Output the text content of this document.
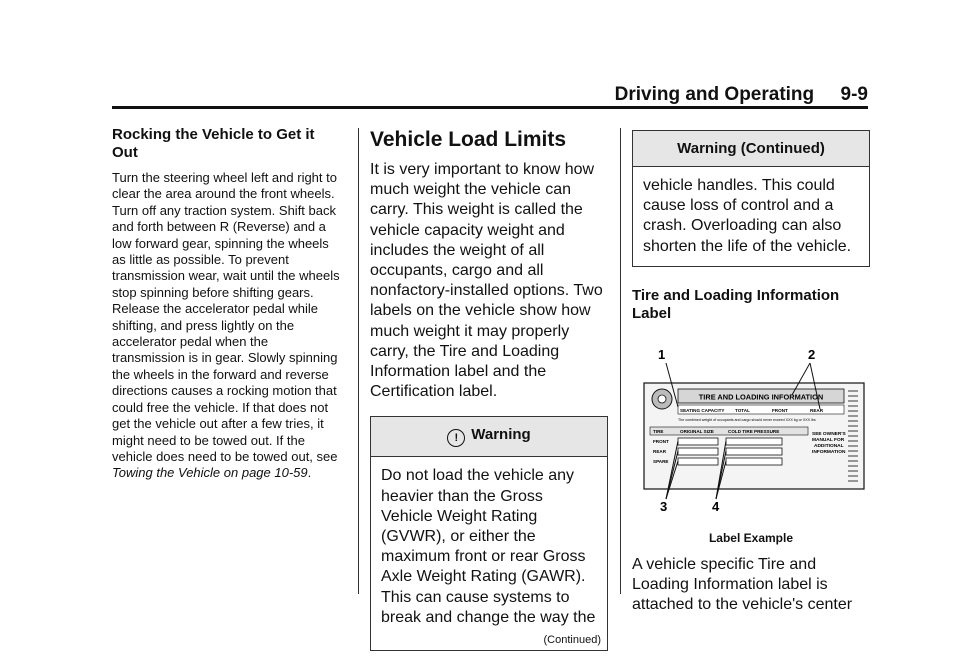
Driving and Operating     9-9
Rocking the Vehicle to Get it Out

Turn the steering wheel left and right to clear the area around the front wheels. Turn off any traction system. Shift back and forth between R (Reverse) and a low forward gear, spinning the wheels as little as possible. To prevent transmission wear, wait until the wheels stop spinning before shifting gears. Release the accelerator pedal while shifting, and press lightly on the accelerator pedal when the transmission is in gear. Slowly spinning the wheels in the forward and reverse directions causes a rocking motion that could free the vehicle. If that does not get the vehicle out after a few tries, it might need to be towed out. If the vehicle does need to be towed out, see Towing the Vehicle on page 10-59.

Vehicle Load Limits

It is very important to know how much weight the vehicle can carry. This weight is called the vehicle capacity weight and includes the weight of all occupants, cargo and all nonfactory-installed options. Two labels on the vehicle show how much weight it may properly carry, the Tire and Loading Information label and the Certification label.

! Warning
Do not load the vehicle any heavier than the Gross Vehicle Weight Rating (GVWR), or either the maximum front or rear Gross Axle Weight Rating (GAWR). This can cause systems to break and change the way the
(Continued)
Warning (Continued)
vehicle handles. This could cause loss of control and a crash. Overloading can also shorten the life of the vehicle.
Tire and Loading Information Label
1	2
3	4
TIRE AND LOADING INFORMATION
SEATING CAPACITY TOTAL	FRONT	REAR
The combined weight of occupants and cargo should never exceed XXX kg or XXX lbs
TIRE	ORIGINAL SIZE	COLD TIRE PRESSURE
FRONT
REAR
SPARE
SEE OWNER'S
MANUAL FOR
ADDITIONAL
INFORMATION
Label Example

A vehicle specific Tire and Loading Information label is attached to the vehicle's center
